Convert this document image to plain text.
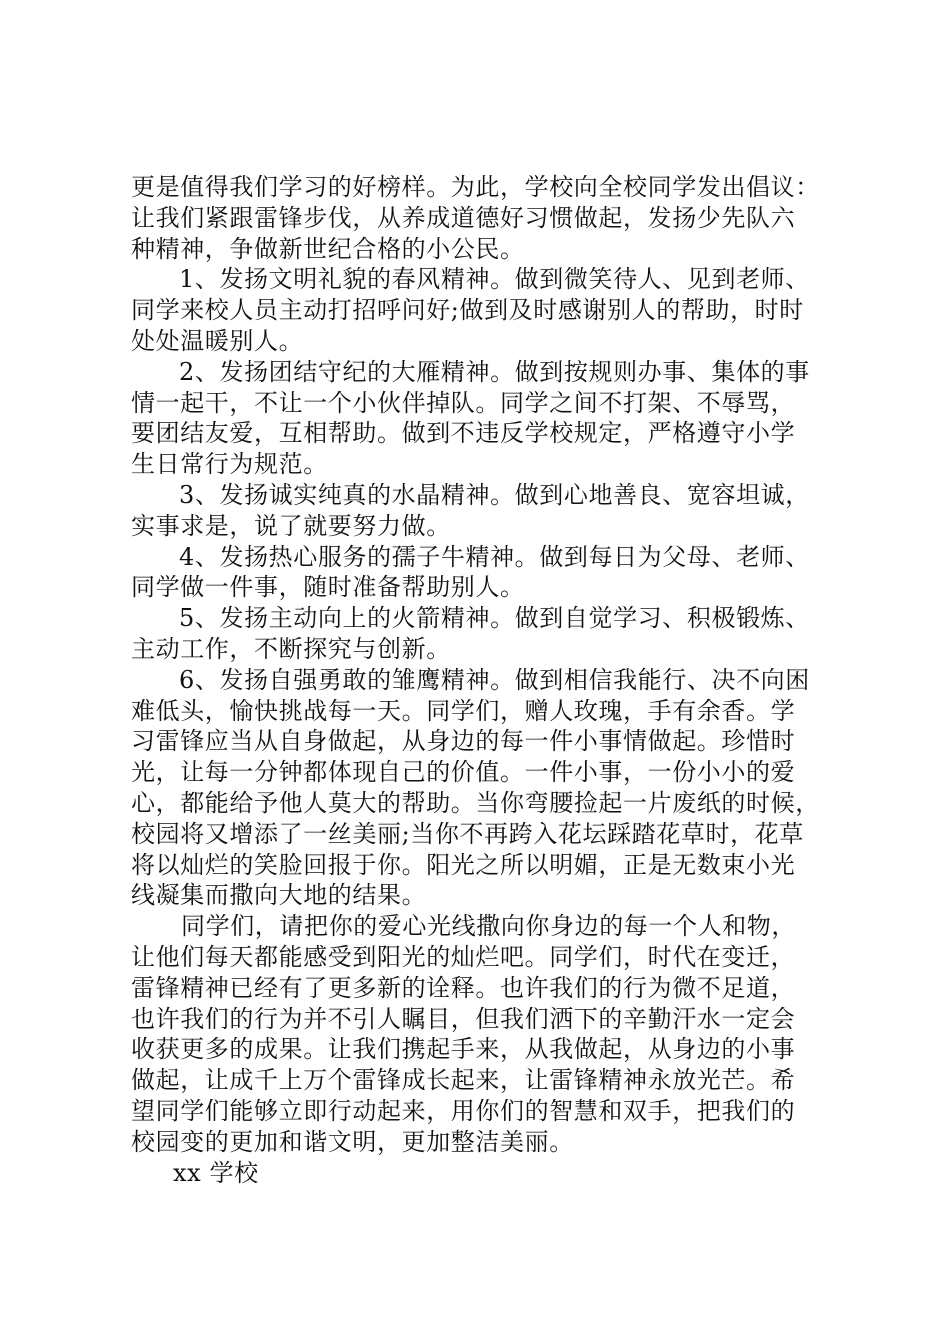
更是值得我们学习的好榜样。为此，学校向全校同学发出倡议：
让我们紧跟雷锋步伐，从养成道德好习惯做起，发扬少先队六
种精神，争做新世纪合格的小公民。
1、发扬文明礼貌的春风精神。做到微笑待人、见到老师、
同学来校人员主动打招呼问好;做到及时感谢别人的帮助，时时
处处温暖别人。
2、发扬团结守纪的大雁精神。做到按规则办事、集体的事
情一起干，不让一个小伙伴掉队。同学之间不打架、不辱骂，
要团结友爱，互相帮助。做到不违反学校规定，严格遵守小学
生日常行为规范。
3、发扬诚实纯真的水晶精神。做到心地善良、宽容坦诚，
实事求是，说了就要努力做。
4、发扬热心服务的孺子牛精神。做到每日为父母、老师、
同学做一件事，随时准备帮助别人。
5、发扬主动向上的火箭精神。做到自觉学习、积极锻炼、
主动工作，不断探究与创新。
6、发扬自强勇敢的雏鹰精神。做到相信我能行、决不向困
难低头，愉快挑战每一天。同学们，赠人玫瑰，手有余香。学
习雷锋应当从自身做起，从身边的每一件小事情做起。珍惜时
光，让每一分钟都体现自己的价值。一件小事，一份小小的爱
心，都能给予他人莫大的帮助。当你弯腰捡起一片废纸的时候，
校园将又增添了一丝美丽;当你不再跨入花坛踩踏花草时，花草
将以灿烂的笑脸回报于你。阳光之所以明媚，正是无数束小光
线凝集而撒向大地的结果。
同学们，请把你的爱心光线撒向你身边的每一个人和物，
让他们每天都能感受到阳光的灿烂吧。同学们，时代在变迁，
雷锋精神已经有了更多新的诠释。也许我们的行为微不足道，
也许我们的行为并不引人瞩目，但我们洒下的辛勤汗水一定会
收获更多的成果。让我们携起手来，从我做起，从身边的小事
做起，让成千上万个雷锋成长起来，让雷锋精神永放光芒。希
望同学们能够立即行动起来，用你们的智慧和双手，把我们的
校园变的更加和谐文明，更加整洁美丽。
xx 学校
